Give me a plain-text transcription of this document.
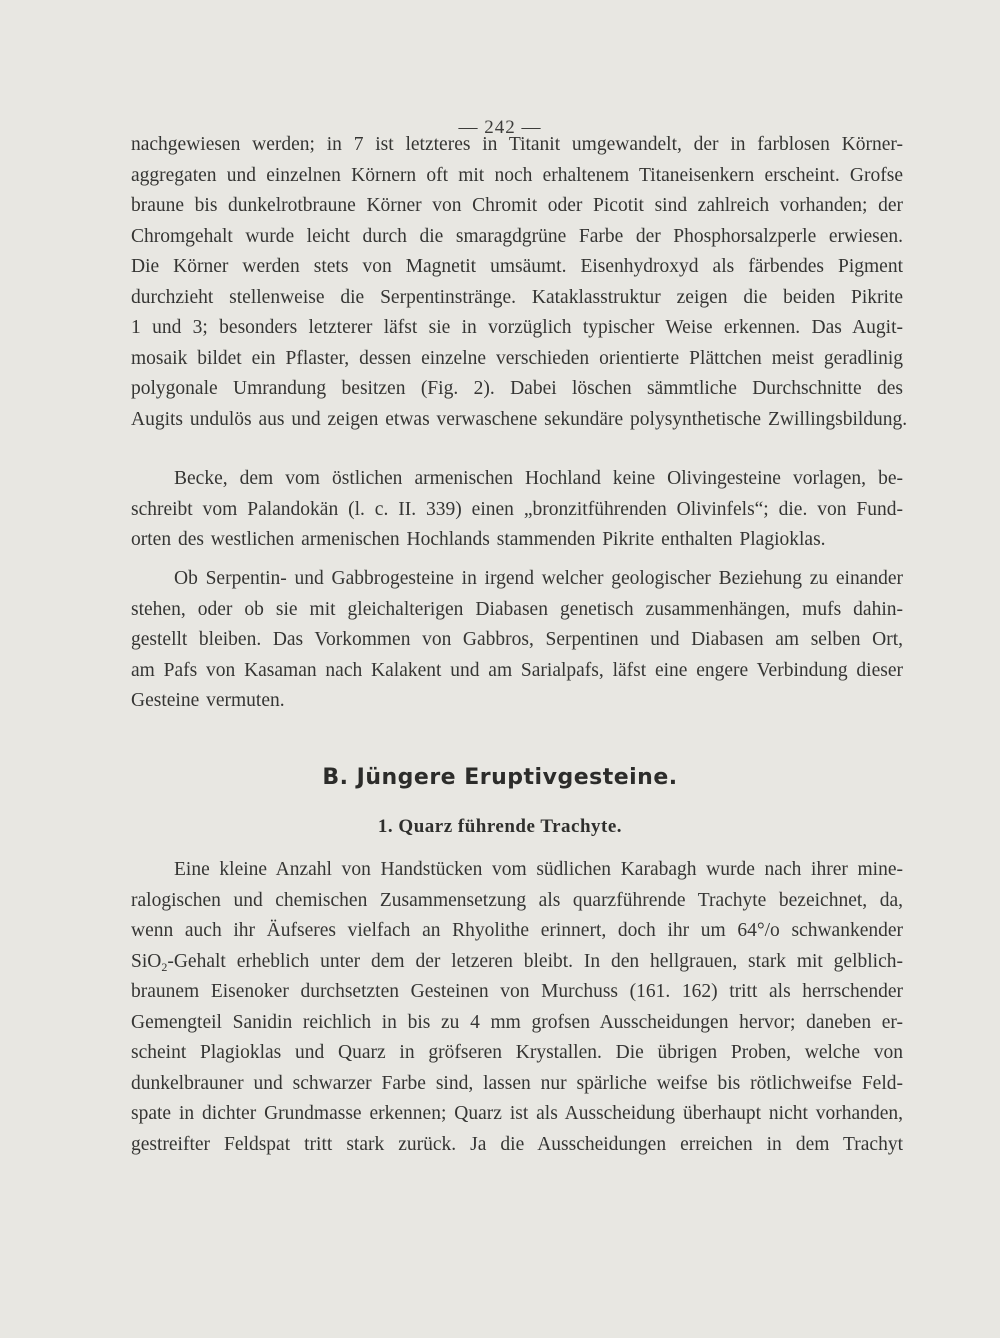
— 242 —
nachgewiesen werden; in 7 ist letzteres in Titanit umgewandelt, der in farblosen Körner-
aggregaten und einzelnen Körnern oft mit noch erhaltenem Titaneisenkern erscheint. Grofse
braune bis dunkelrotbraune Körner von Chromit oder Picotit sind zahlreich vorhanden; der
Chromgehalt wurde leicht durch die smaragdgrüne Farbe der Phosphorsalzperle erwiesen.
Die Körner werden stets von Magnetit umsäumt. Eisenhydroxyd als färbendes Pigment
durchzieht stellenweise die Serpentinstränge. Kataklasstruktur zeigen die beiden Pikrite
1 und 3; besonders letzterer läfst sie in vorzüglich typischer Weise erkennen. Das Augit-
mosaik bildet ein Pflaster, dessen einzelne verschieden orientierte Plättchen meist geradlinig
polygonale Umrandung besitzen (Fig. 2). Dabei löschen sämmtliche Durchschnitte des
Augits undulös aus und zeigen etwas verwaschene sekundäre polysynthetische Zwillingsbildung.
Becke, dem vom östlichen armenischen Hochland keine Olivingesteine vorlagen, be-
schreibt vom Palandokän (l. c. II. 339) einen „bronzitführenden Olivinfels“; die. von Fund-
orten des westlichen armenischen Hochlands stammenden Pikrite enthalten Plagioklas.
Ob Serpentin- und Gabbrogesteine in irgend welcher geologischer Beziehung zu einander
stehen, oder ob sie mit gleichalterigen Diabasen genetisch zusammenhängen, mufs dahin-
gestellt bleiben. Das Vorkommen von Gabbros, Serpentinen und Diabasen am selben Ort,
am Pafs von Kasaman nach Kalakent und am Sarialpafs, läfst eine engere Verbindung dieser
Gesteine vermuten.
B. Jüngere Eruptivgesteine.
1. Quarz führende Trachyte.
Eine kleine Anzahl von Handstücken vom südlichen Karabagh wurde nach ihrer mine-
ralogischen und chemischen Zusammensetzung als quarzführende Trachyte bezeichnet, da,
wenn auch ihr Äufseres vielfach an Rhyolithe erinnert, doch ihr um 64°/o schwankender
SiO$_2$-Gehalt erheblich unter dem der letzeren bleibt. In den hellgrauen, stark mit gelblich-
braunem Eisenoker durchsetzten Gesteinen von Murchuss (161. 162) tritt als herrschender
Gemengteil Sanidin reichlich in bis zu 4 mm grofsen Ausscheidungen hervor; daneben er-
scheint Plagioklas und Quarz in gröfseren Krystallen. Die übrigen Proben, welche von
dunkelbrauner und schwarzer Farbe sind, lassen nur spärliche weifse bis rötlichweifse Feld-
spate in dichter Grundmasse erkennen; Quarz ist als Ausscheidung überhaupt nicht vorhanden,
gestreifter Feldspat tritt stark zurück. Ja die Ausscheidungen erreichen in dem Trachyt
